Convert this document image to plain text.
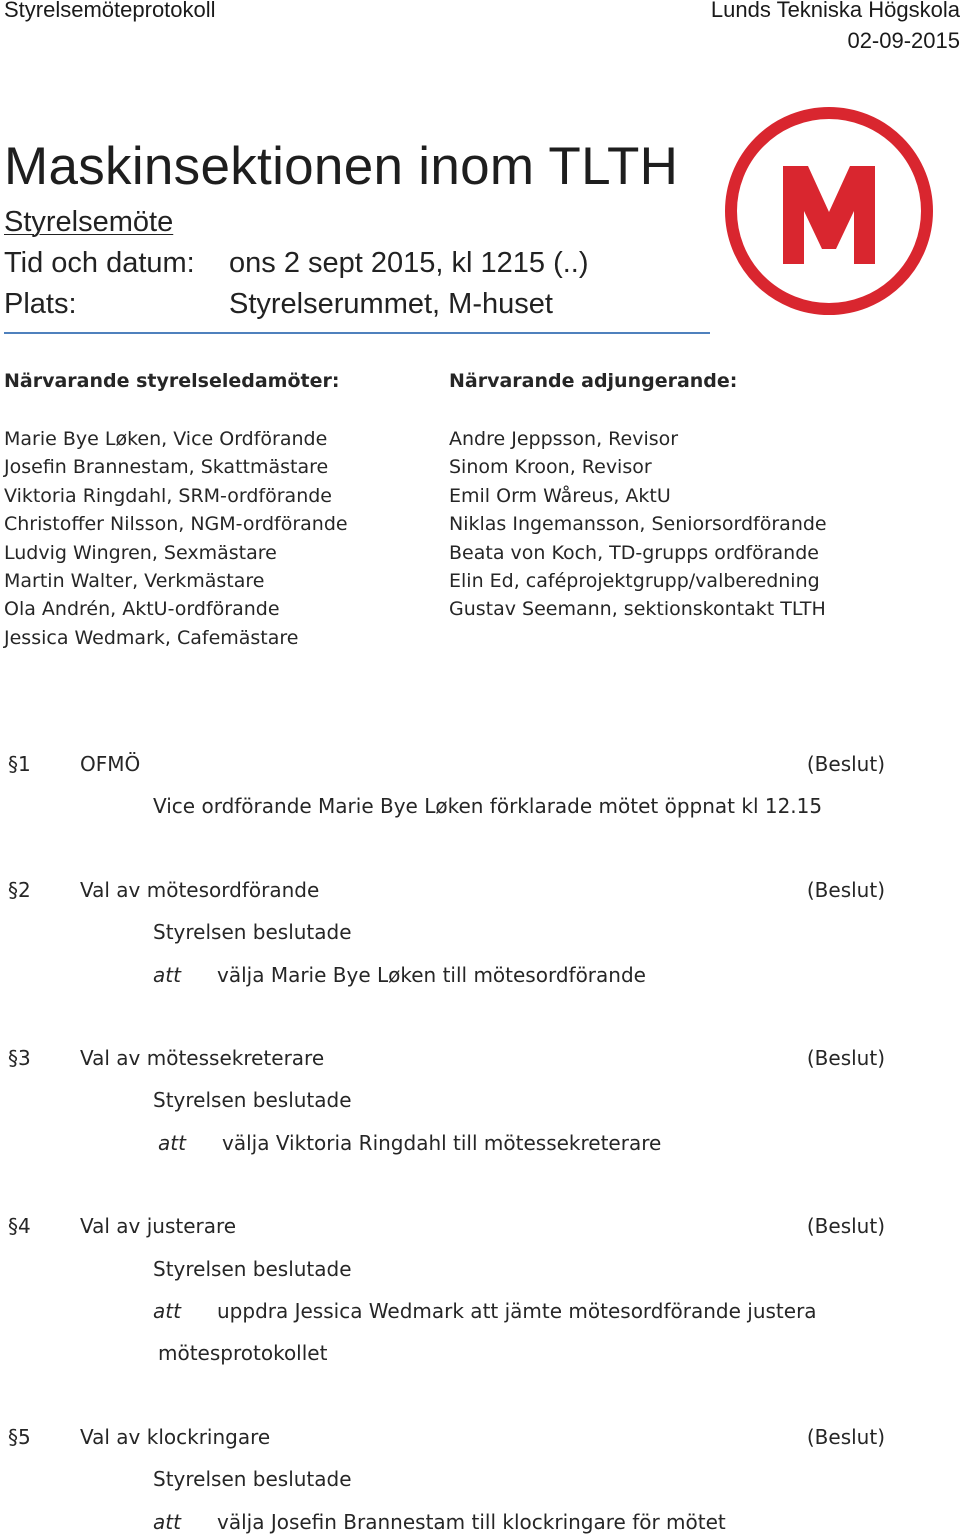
Styrelsemöteprotokoll	Lunds Tekniska Högskola
02-09-2015
Maskinsektionen inom TLTH
Styrelsemöte
Tid och datum: ons 2 sept 2015, kl 1215 (..)
Plats:	Styrelserummet, M-huset
Närvarande styrelseledamöter:
Marie Bye Løken, Vice Ordförande
Josefin Brannestam, Skattmästare
Viktoria Ringdahl, SRM-ordförande
Christoffer Nilsson, NGM-ordförande
Ludvig Wingren, Sexmästare
Martin Walter, Verkmästare
Ola Andrén, AktU-ordförande
Jessica Wedmark, Cafemästare
Närvarande adjungerande:
Andre Jeppsson, Revisor
Sinom Kroon, Revisor
Emil Orm Wåreus, AktU
Niklas Ingemansson, Seniorsordförande
Beata von Koch, TD-grupps ordförande
Elin Ed, caféprojektgrupp/valberedning
Gustav Seemann, sektionskontakt TLTH
§1 OFMÖ	(Beslut)
Vice ordförande Marie Bye Løken förklarade mötet öppnat kl 12.15
§2 Val av mötesordförande	(Beslut)
Styrelsen beslutade
att välja Marie Bye Løken till mötesordförande
§3 Val av mötessekreterare	(Beslut)
Styrelsen beslutade
att välja Viktoria Ringdahl till mötessekreterare
§4 Val av justerare	(Beslut)
Styrelsen beslutade
att uppdra Jessica Wedmark att jämte mötesordförande justera
mötesprotokollet
§5 Val av klockringare	(Beslut)
Styrelsen beslutade
att välja Josefin Brannestam till klockringare för mötet
